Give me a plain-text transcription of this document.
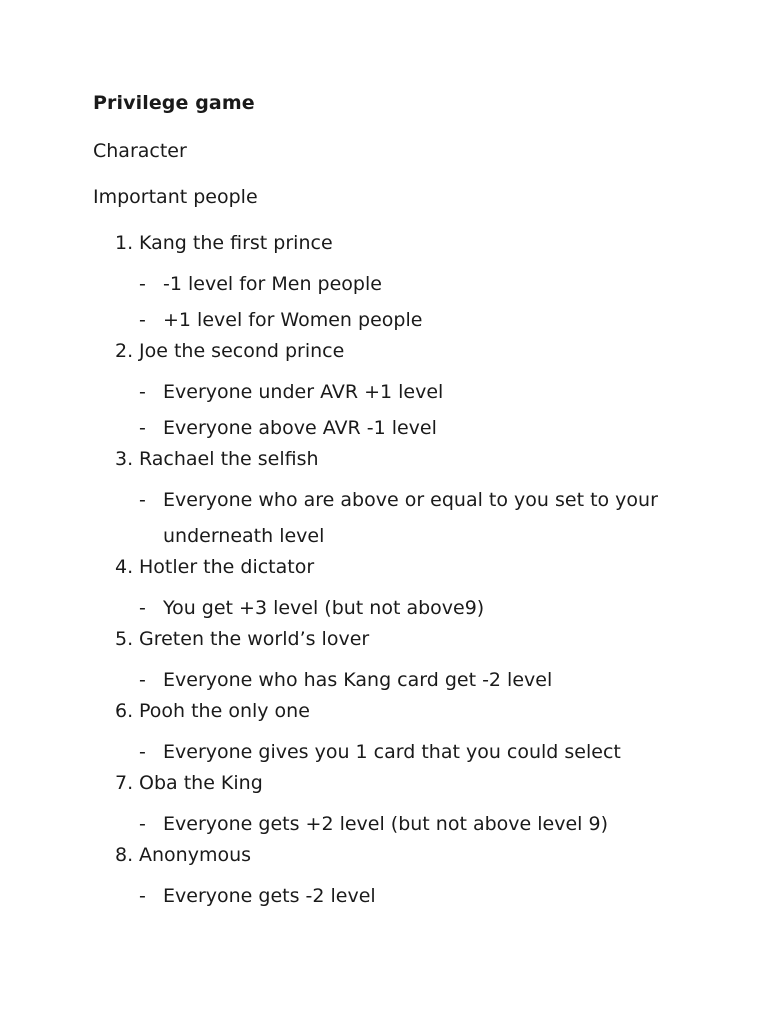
Privilege game
Character
Important people
1. Kang the first prince
- -1 level for Men people
- +1 level for Women people
2. Joe the second prince
- Everyone under AVR +1 level
- Everyone above AVR -1 level
3. Rachael the selfish
- Everyone who are above or equal to you set to your underneath level
4. Hotler the dictator
- You get +3 level (but not above9)
5. Greten the world’s lover
- Everyone who has Kang card get -2 level
6. Pooh the only one
- Everyone gives you 1 card that you could select
7. Oba the King
- Everyone gets +2 level (but not above level 9)
8. Anonymous
- Everyone gets -2 level
